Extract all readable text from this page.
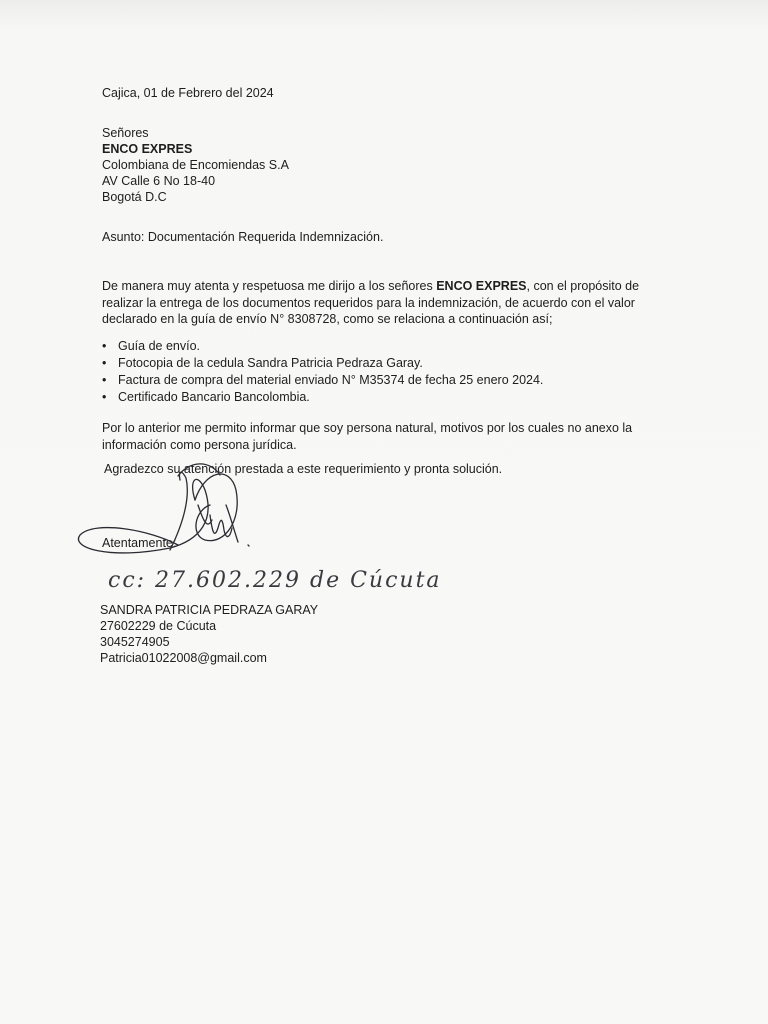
Cajica, 01 de Febrero del 2024
Señores
ENCO EXPRES
Colombiana de Encomiendas S.A
AV Calle 6 No 18-40
Bogotá D.C
Asunto: Documentación Requerida Indemnización.
De manera muy atenta y respetuosa me dirijo a los señores ENCO EXPRES, con el propósito de
realizar la entrega de los documentos requeridos para la indemnización, de acuerdo con el valor
declarado en la guía de envío N° 8308728, como se relaciona a continuación así;
• Guía de envío.
• Fotocopia de la cedula Sandra Patricia Pedraza Garay.
• Factura de compra del material enviado N° M35374 de fecha 25 enero 2024.
• Certificado Bancario Bancolombia.
Por lo anterior me permito informar que soy persona natural, motivos por los cuales no anexo la
información como persona jurídica.
Agradezco su atención prestada a este requerimiento y pronta solución.
Atentamente:
cc: 27.602.229 de Cúcuta
SANDRA PATRICIA PEDRAZA GARAY
27602229 de Cúcuta
3045274905
Patricia01022008@gmail.com
